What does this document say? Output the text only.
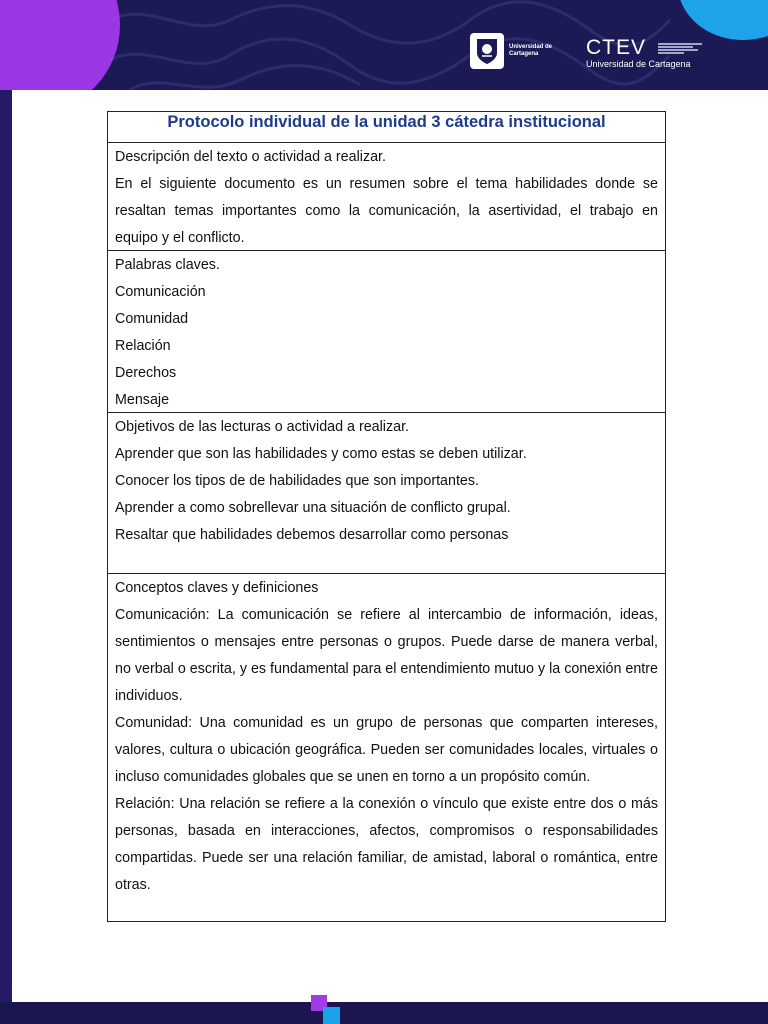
Universidad de Cartagena	CTEV
Universidad de Cartagena
Protocolo individual de la unidad 3 cátedra institucional

Descripción del texto o actividad a realizar.

En el siguiente documento es un resumen sobre el tema habilidades donde se resaltan temas importantes como la comunicación, la asertividad, el trabajo en equipo y el conflicto.

Palabras claves.

Comunicación

Comunidad

Relación

Derechos

Mensaje

Objetivos de las lecturas o actividad a realizar.

Aprender que son las habilidades y como estas se deben utilizar.

Conocer los tipos de de habilidades que son importantes.

Aprender a como sobrellevar una situación de conflicto grupal.

Resaltar que habilidades debemos desarrollar como personas

Conceptos claves y definiciones

Comunicación: La comunicación se refiere al intercambio de información, ideas, sentimientos o mensajes entre personas o grupos. Puede darse de manera verbal, no verbal o escrita, y es fundamental para el entendimiento mutuo y la conexión entre individuos.

Comunidad: Una comunidad es un grupo de personas que comparten intereses, valores, cultura o ubicación geográfica. Pueden ser comunidades locales, virtuales o incluso comunidades globales que se unen en torno a un propósito común.

Relación: Una relación se refiere a la conexión o vínculo que existe entre dos o más personas, basada en interacciones, afectos, compromisos o responsabilidades compartidas. Puede ser una relación familiar, de amistad, laboral o romántica, entre otras.
